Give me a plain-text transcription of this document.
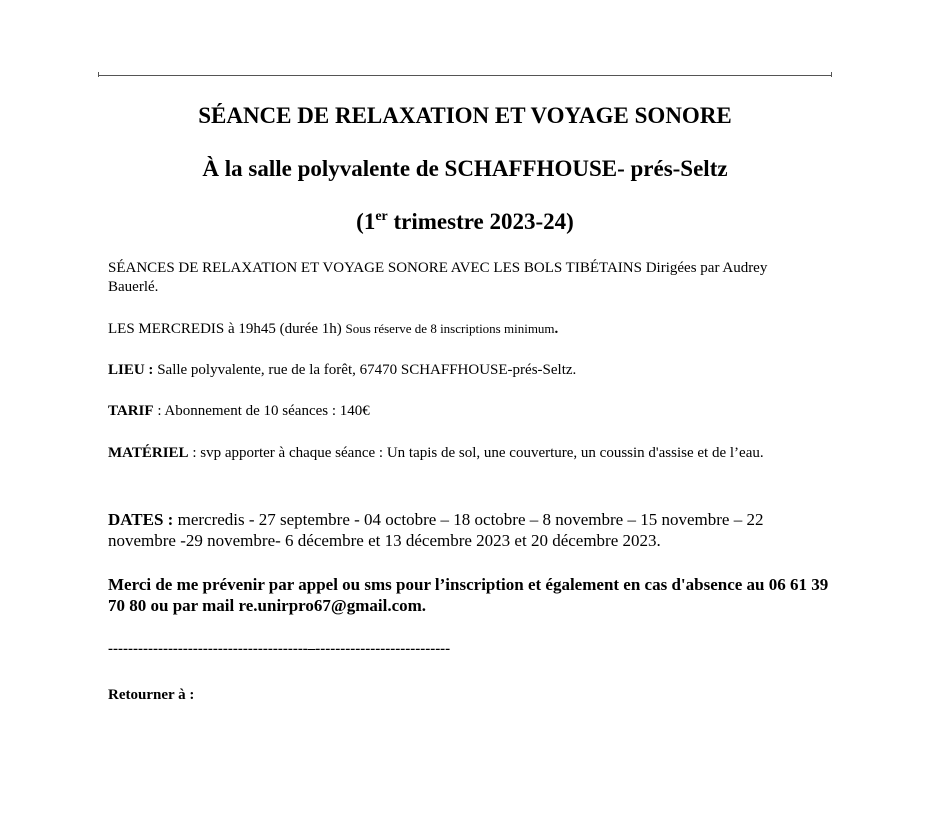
SÉANCE DE RELAXATION ET VOYAGE SONORE
À la salle polyvalente de SCHAFFHOUSE- prés-Seltz
(1er trimestre 2023-24)

SÉANCES DE RELAXATION ET VOYAGE SONORE AVEC LES BOLS TIBÉTAINS Dirigées par Audrey Bauerlé.

LES MERCREDIS à 19h45 (durée 1h) Sous réserve de 8 inscriptions minimum.

LIEU : Salle polyvalente, rue de la forêt, 67470 SCHAFFHOUSE-prés-Seltz.

TARIF : Abonnement de 10 séances : 140€

MATÉRIEL : svp apporter à chaque séance : Un tapis de sol, une couverture, un coussin d'assise et de l’eau.

DATES : mercredis - 27 septembre - 04 octobre – 18 octobre – 8 novembre – 15 novembre – 22 novembre -29 novembre- 6 décembre et 13 décembre 2023 et 20 décembre 2023.

Merci de me prévenir par appel ou sms pour l’inscription et également en cas d'absence au 06 61 39 70 80 ou par mail re.unirpro67@gmail.com.

----------------------------------------–---------------------------

Retourner à :
